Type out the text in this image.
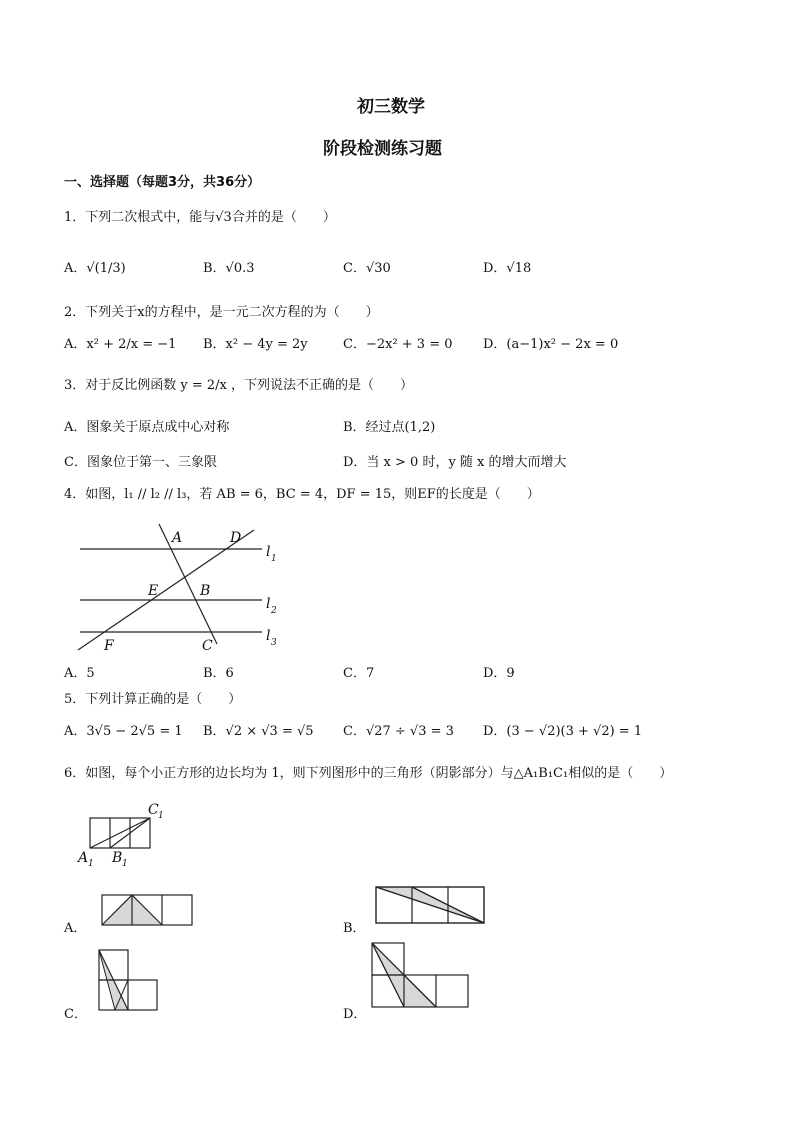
初三数学
阶段检测练习题
一、选择题（每题3分，共36分）
1．下列二次根式中，能与√3合并的是（　　）
A．√(1/3)	B．√0.3	C．√30	D．√18
2．下列关于x的方程中，是一元二次方程的为（　　）
A．x² + 2/x = −1 B．x² − 4y = 2y	C．−2x² + 3 = 0 D．(a−1)x² − 2x = 0
3．对于反比例函数 y = 2/x ，下列说法不正确的是（　　）
A．图象关于原点成中心对称	B．经过点(1,2)
C．图象位于第一、三象限	D．当 x > 0 时，y 随 x 的增大而增大
4．如图，l₁ // l₂ // l₃，若 AB = 6，BC = 4，DF = 15，则EF的长度是（　　）
A	D
E	B
F	C
l 1
l 2
l 3
A．5	B．6	C．7	D．9
5．下列计算正确的是（　　）
A．3√5 − 2√5 = 1 B．√2 × √3 = √5 C．√27 ÷ √3 = 3 D．(3 − √2)(3 + √2) = 1
6．如图，每个小正方形的边长均为 1，则下列图形中的三角形（阴影部分）与△A₁B₁C₁相似的是（　　）
C 1
A 1 B 1
A．	B．
C．	D．
